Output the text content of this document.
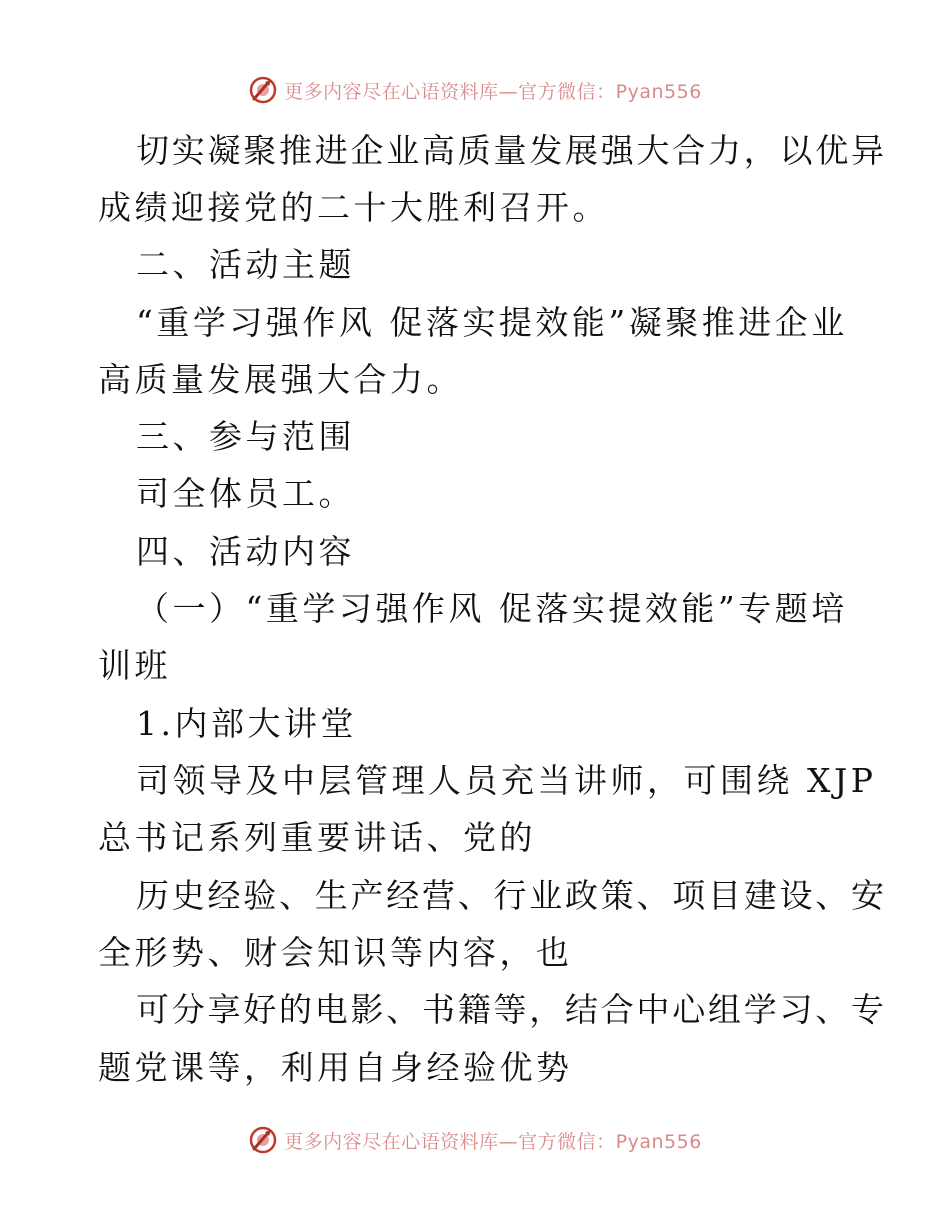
更多内容尽在心语资料库—官方微信：Pyan556
切实凝聚推进企业高质量发展强大合力，以优异
成绩迎接党的二十大胜利召开。
二、活动主题
“重学习强作风 促落实提效能”凝聚推进企业
高质量发展强大合力。
三、参与范围
司全体员工。
四、活动内容
（一）“重学习强作风 促落实提效能”专题培
训班
1.内部大讲堂
司领导及中层管理人员充当讲师，可围绕 XJP
总书记系列重要讲话、党的
历史经验、生产经营、行业政策、项目建设、安
全形势、财会知识等内容，也
可分享好的电影、书籍等，结合中心组学习、专
题党课等，利用自身经验优势
更多内容尽在心语资料库—官方微信：Pyan556
